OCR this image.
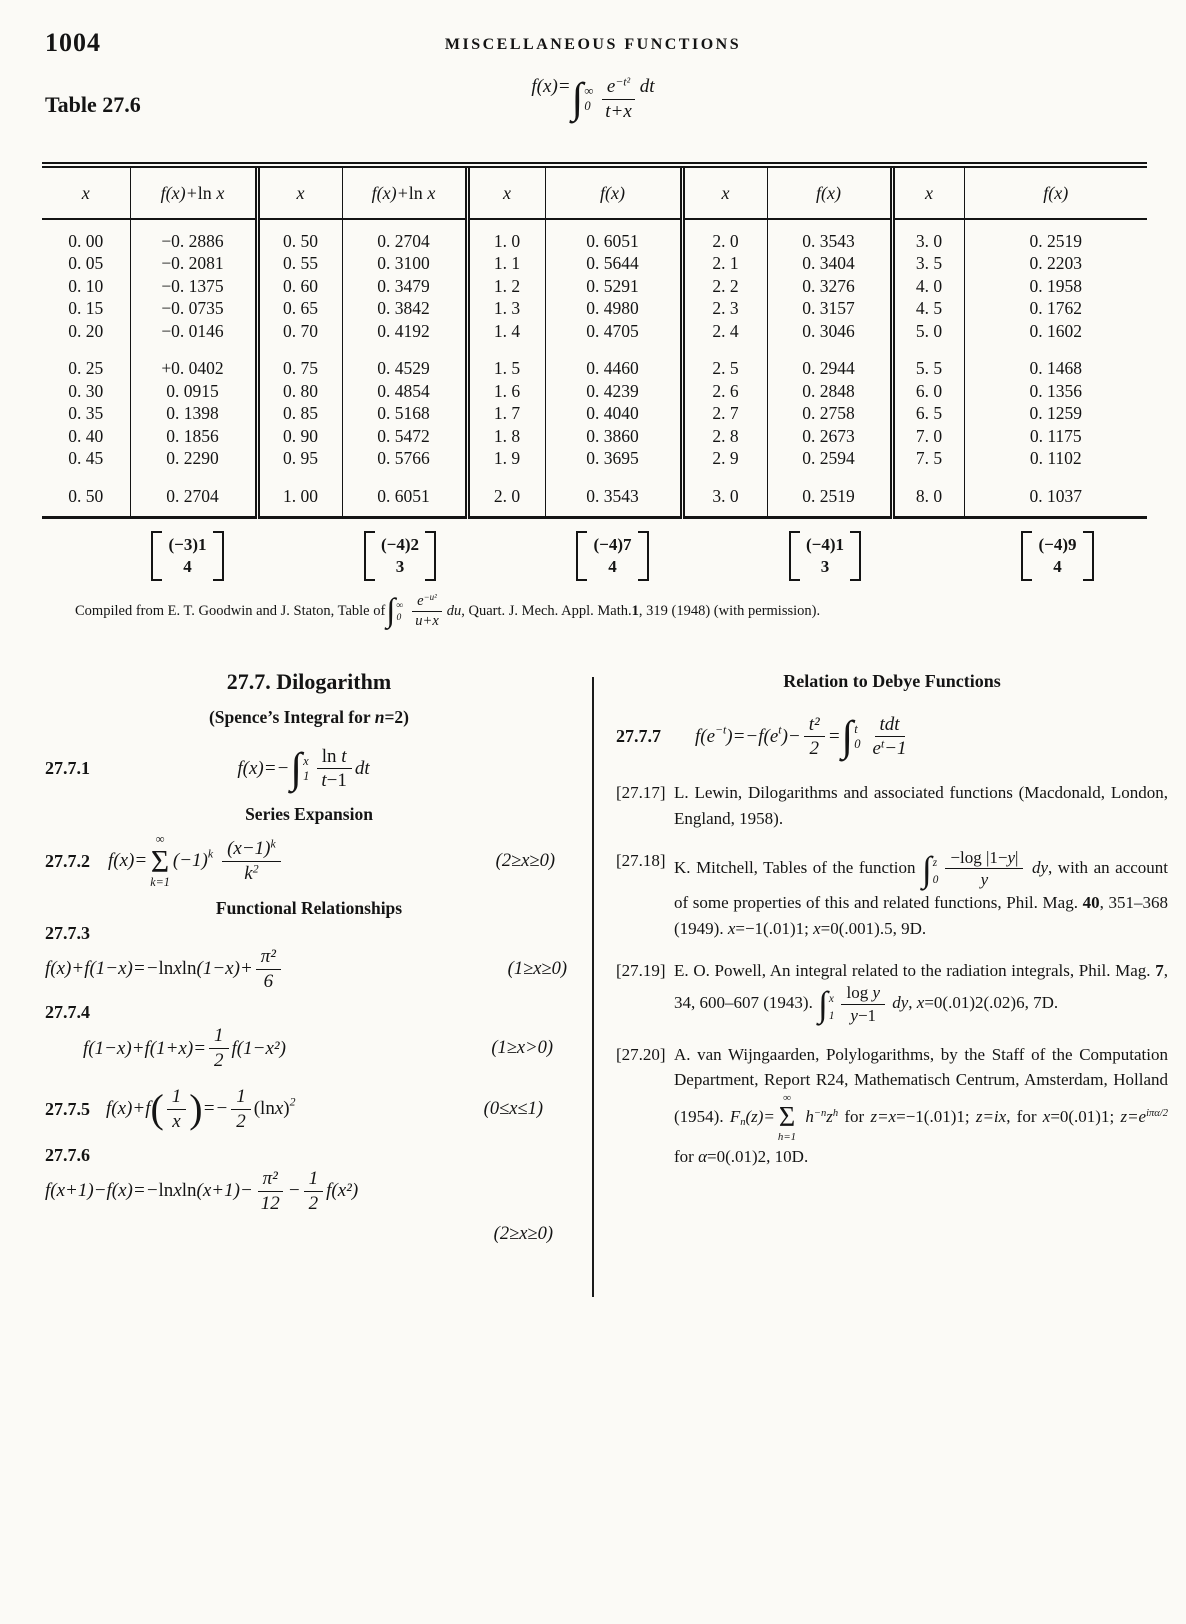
1004	MISCELLANEOUS FUNCTIONS
Table 27.6
f(x)= ∫ ∞
0
e−t²
t+x
dt
x	f(x)+ln x	x	f(x)+ln x	x	f(x)	x	f(x)	x	f(x)

0. 00	−0. 2886	0. 50	0. 2704	1. 0	0. 6051	2. 0	0. 3543	3. 0	0. 2519
0. 05	−0. 2081	0. 55	0. 3100	1. 1	0. 5644	2. 1	0. 3404	3. 5	0. 2203
0. 10	−0. 1375	0. 60	0. 3479	1. 2	0. 5291	2. 2	0. 3276	4. 0	0. 1958
0. 15	−0. 0735	0. 65	0. 3842	1. 3	0. 4980	2. 3	0. 3157	4. 5	0. 1762
0. 20	−0. 0146	0. 70	0. 4192	1. 4	0. 4705	2. 4	0. 3046	5. 0	0. 1602

0. 25	+0. 0402	0. 75	0. 4529	1. 5	0. 4460	2. 5	0. 2944	5. 5	0. 1468
0. 30	0. 0915	0. 80	0. 4854	1. 6	0. 4239	2. 6	0. 2848	6. 0	0. 1356
0. 35	0. 1398	0. 85	0. 5168	1. 7	0. 4040	2. 7	0. 2758	6. 5	0. 1259
0. 40	0. 1856	0. 90	0. 5472	1. 8	0. 3860	2. 8	0. 2673	7. 0	0. 1175
0. 45	0. 2290	0. 95	0. 5766	1. 9	0. 3695	2. 9	0. 2594	7. 5	0. 1102

0. 50	0. 2704	1. 00	0. 6051	2. 0	0. 3543	3. 0	0. 2519	8. 0	0. 1037

(−3)1
4
(−4)2
3
(−4)7
4
(−4)1
3
(−4)9
4
Compiled from E. T. Goodwin and J. Staton, Table of ∫ ∞
0
e−u²
u+x
du , Quart. J. Mech. Appl. Math. 1 , 319 (1948) (with permission).
27.7. Dilogarithm
(Spence’s Integral for n=2)
27.7.1	f(x)=− ∫ x
1
ln t
t−1
dt
Series Expansion
27.7.2 f(x)=
∞
Σ
k=1
(−1) k (x−1)k
k2	(2≥x≥0)
Functional Relationships
27.7.3
f(x)+f(1−x)=− ln x $\ln (1-x)+ \frac{\text{π²}}{6}$	(1≥x≥0)
27.7.4
$f(1-x)+f(1+x)= \frac{1}{2} f(1-x^2)$	(1≥x>0)
27.7.5 f(x)+f ( $\frac{1}{x}$ ) =− $\frac{1}{2} (\ln$ x ) 2	(0≤x≤1)
27.7.6
f(x+1)−f(x)=− ln x $\ln (x+1)- \frac{\text{π²}}{12} - \frac{1}{2} f(x^2)$
(2≥x≥0)
Relation to Debye Functions
27.7.7 f(e −t )=−f(e t )− $\frac{\text{t²}}{2}$ = ∫ t
0
tdt
et−1
[27.17] L. Lewin, Dilogarithms and associated functions (Macdonald, London, England, 1958).
[27.18] K. Mitchell, Tables of the function ∫ z
$0 \frac{-\log |1-y|}{y}$ dy, with an account of some properties of this and related functions, Phil. Mag. 40, 351–368 (1949). x=−1(.01)1; x=0(.001).5, 9D.
[27.19] E. O. Powell, An integral related to the radiation integrals, Phil. Mag. 7, 34, 600–607 (1943). ∫ x
$1 \frac{\text{log y}}{y-1}$ dy, x=0(.01)2(.02)6, 7D.
[27.20] A. van Wijngaarden, Polylogarithms, by the Staff of the Computation Department, Report R24, Mathematisch Centrum, Amsterdam, Holland (1954). Fn(z)=
∞
Σ
h=1
h−nzh for z=x=−1(.01)1; z=ix, for x=0(.01)1; z=eiπα/2 for α=0(.01)2, 10D.
